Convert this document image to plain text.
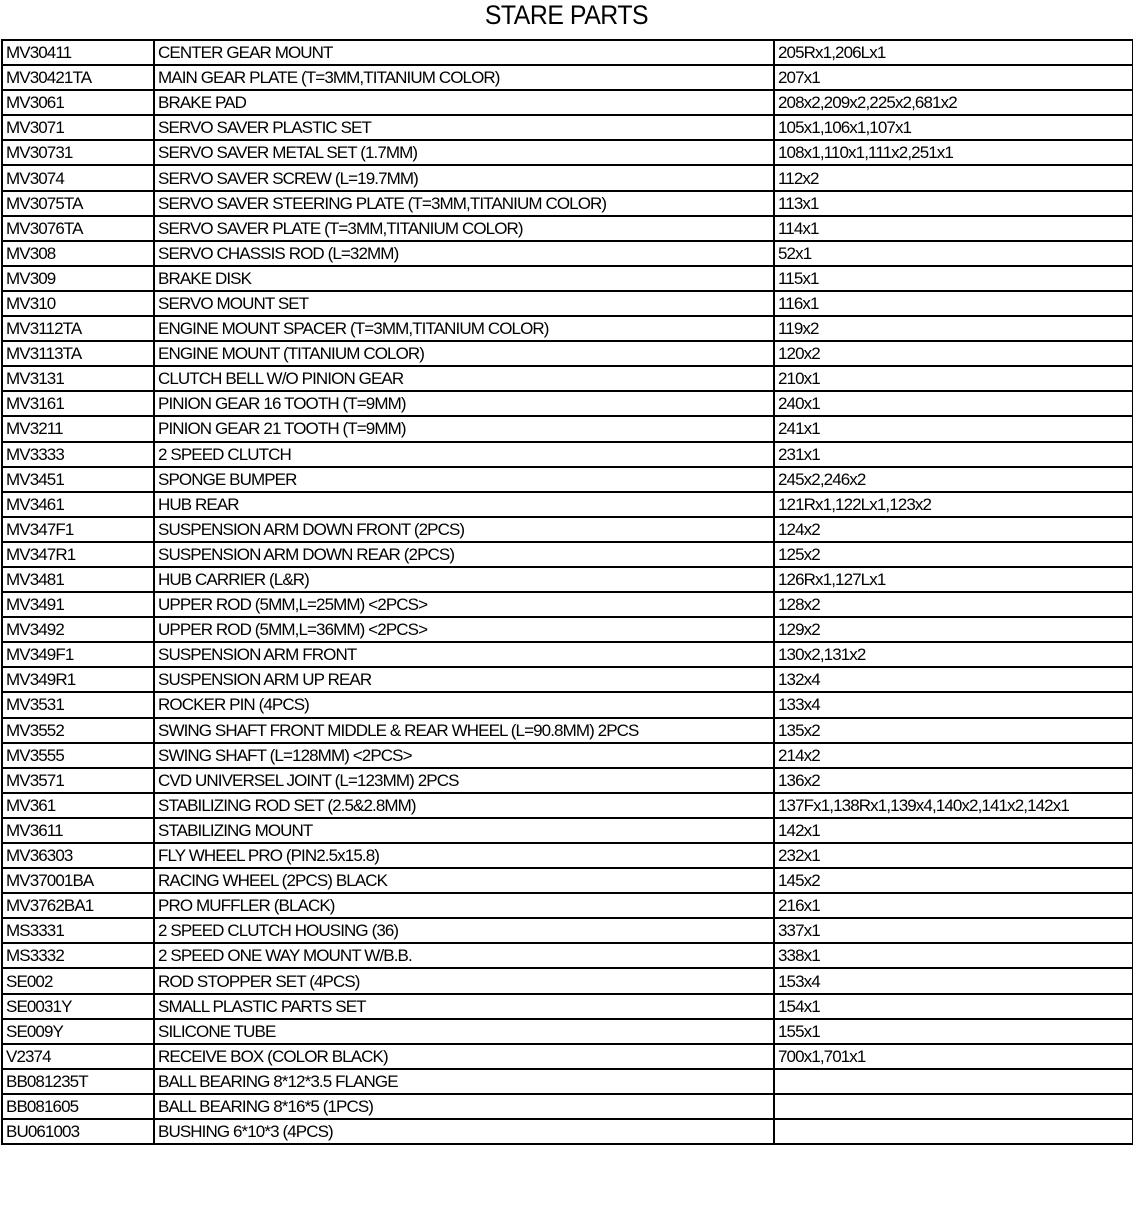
STARE PARTS
MV30411	CENTER GEAR MOUNT	205Rx1,206Lx1
MV30421TA	MAIN GEAR PLATE (T=3MM,TITANIUM COLOR)	207x1
MV3061	BRAKE PAD	208x2,209x2,225x2,681x2
MV3071	SERVO SAVER PLASTIC SET	105x1,106x1,107x1
MV30731	SERVO SAVER METAL SET (1.7MM)	108x1,110x1,111x2,251x1
MV3074	SERVO SAVER SCREW (L=19.7MM)	112x2
MV3075TA	SERVO SAVER STEERING PLATE (T=3MM,TITANIUM COLOR)	113x1
MV3076TA	SERVO SAVER PLATE (T=3MM,TITANIUM COLOR)	114x1
MV308	SERVO CHASSIS ROD (L=32MM)	52x1
MV309	BRAKE DISK	115x1
MV310	SERVO MOUNT SET	116x1
MV3112TA	ENGINE MOUNT SPACER (T=3MM,TITANIUM COLOR)	119x2
MV3113TA	ENGINE MOUNT (TITANIUM COLOR)	120x2
MV3131	CLUTCH BELL W/O PINION GEAR	210x1
MV3161	PINION GEAR 16 TOOTH (T=9MM)	240x1
MV3211	PINION GEAR 21 TOOTH (T=9MM)	241x1
MV3333	2 SPEED CLUTCH	231x1
MV3451	SPONGE BUMPER	245x2,246x2
MV3461	HUB REAR	121Rx1,122Lx1,123x2
MV347F1	SUSPENSION ARM DOWN FRONT (2PCS)	124x2
MV347R1	SUSPENSION ARM DOWN REAR (2PCS)	125x2
MV3481	HUB CARRIER (L&R)	126Rx1,127Lx1
MV3491	UPPER ROD (5MM,L=25MM) <2PCS>	128x2
MV3492	UPPER ROD (5MM,L=36MM) <2PCS>	129x2
MV349F1	SUSPENSION ARM FRONT	130x2,131x2
MV349R1	SUSPENSION ARM UP REAR	132x4
MV3531	ROCKER PIN (4PCS)	133x4
MV3552	SWING SHAFT FRONT MIDDLE & REAR WHEEL (L=90.8MM) 2PCS	135x2
MV3555	SWING SHAFT (L=128MM) <2PCS>	214x2
MV3571	CVD UNIVERSEL JOINT (L=123MM) 2PCS	136x2
MV361	STABILIZING ROD SET (2.5&2.8MM)	137Fx1,138Rx1,139x4,140x2,141x2,142x1
MV3611	STABILIZING MOUNT	142x1
MV36303	FLY WHEEL PRO (PIN2.5x15.8)	232x1
MV37001BA	RACING WHEEL (2PCS) BLACK	145x2
MV3762BA1	PRO MUFFLER (BLACK)	216x1
MS3331	2 SPEED CLUTCH HOUSING (36)	337x1
MS3332	2 SPEED ONE WAY MOUNT W/B.B.	338x1
SE002	ROD STOPPER SET (4PCS)	153x4
SE0031Y	SMALL PLASTIC PARTS SET	154x1
SE009Y	SILICONE TUBE	155x1
V2374	RECEIVE BOX (COLOR BLACK)	700x1,701x1
BB081235T	BALL BEARING 8*12*3.5 FLANGE	
BB081605	BALL BEARING 8*16*5 (1PCS)	
BU061003	BUSHING 6*10*3 (4PCS)	
